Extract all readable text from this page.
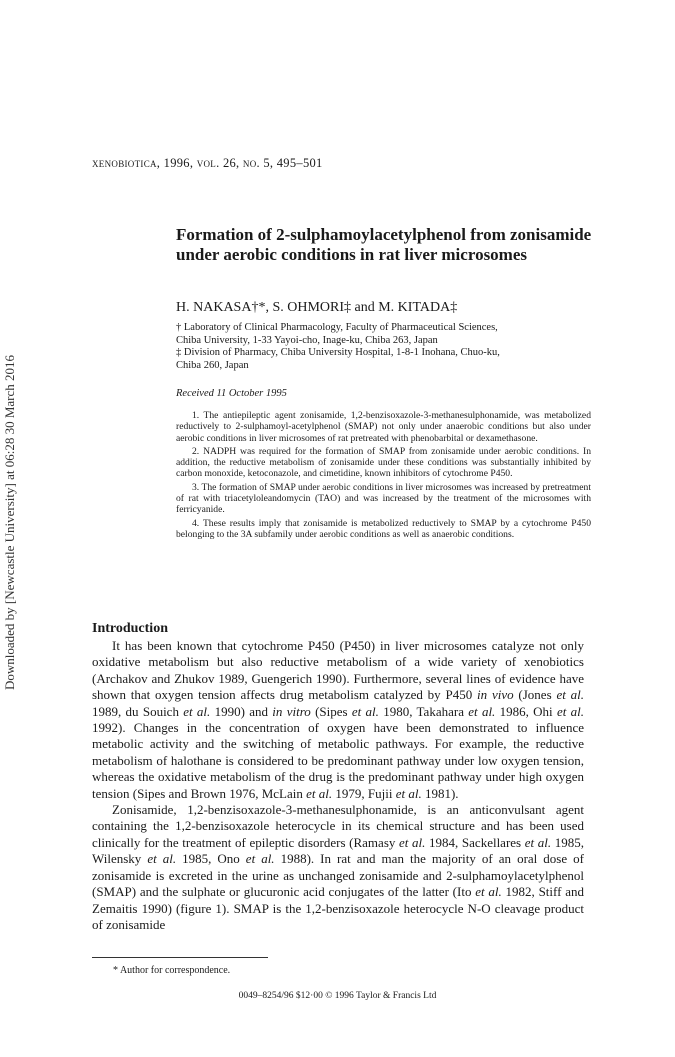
Downloaded by [Newcastle University] at 06:28 30 March 2016
xenobiotica, 1996, vol. 26, no. 5, 495–501
Formation of 2-sulphamoylacetylphenol from zonisamide under aerobic conditions in rat liver microsomes
H. NAKASA†*, S. OHMORI‡ and M. KITADA‡
† Laboratory of Clinical Pharmacology, Faculty of Pharmaceutical Sciences,
Chiba University, 1-33 Yayoi-cho, Inage-ku, Chiba 263, Japan
‡ Division of Pharmacy, Chiba University Hospital, 1-8-1 Inohana, Chuo-ku,
Chiba 260, Japan
Received 11 October 1995

1. The antiepileptic agent zonisamide, 1,2-benzisoxazole-3-methanesulphonamide, was metabolized reductively to 2-sulphamoyl-acetylphenol (SMAP) not only under anaerobic conditions but also under aerobic conditions in liver microsomes of rat pretreated with phenobarbital or dexamethasone.

2. NADPH was required for the formation of SMAP from zonisamide under aerobic conditions. In addition, the reductive metabolism of zonisamide under these conditions was substantially inhibited by carbon monoxide, ketoconazole, and cimetidine, known inhibitors of cytochrome P450.

3. The formation of SMAP under aerobic conditions in liver microsomes was increased by pretreatment of rat with triacetyloleandomycin (TAO) and was increased by the treatment of the microsomes with ferricyanide.

4. These results imply that zonisamide is metabolized reductively to SMAP by a cytochrome P450 belonging to the 3A subfamily under aerobic conditions as well as anaerobic conditions.

Introduction

It has been known that cytochrome P450 (P450) in liver microsomes catalyze not only oxidative metabolism but also reductive metabolism of a wide variety of xenobiotics (Archakov and Zhukov 1989, Guengerich 1990). Furthermore, several lines of evidence have shown that oxygen tension affects drug metabolism catalyzed by P450 in vivo (Jones et al. 1989, du Souich et al. 1990) and in vitro (Sipes et al. 1980, Takahara et al. 1986, Ohi et al. 1992). Changes in the concentration of oxygen have been demonstrated to influence metabolic activity and the switching of metabolic pathways. For example, the reductive metabolism of halothane is considered to be predominant pathway under low oxygen tension, whereas the oxidative metabolism of the drug is the predominant pathway under high oxygen tension (Sipes and Brown 1976, McLain et al. 1979, Fujii et al. 1981).

Zonisamide, 1,2-benzisoxazole-3-methanesulphonamide, is an anticonvulsant agent containing the 1,2-benzisoxazole heterocycle in its chemical structure and has been used clinically for the treatment of epileptic disorders (Ramasy et al. 1984, Sackellares et al. 1985, Wilensky et al. 1985, Ono et al. 1988). In rat and man the majority of an oral dose of zonisamide is excreted in the urine as unchanged zonisamide and 2-sulphamoylacetylphenol (SMAP) and the sulphate or glucuronic acid conjugates of the latter (Ito et al. 1982, Stiff and Zemaitis 1990) (figure 1). SMAP is the 1,2-benzisoxazole heterocycle N-O cleavage product of zonisamide

* Author for correspondence.
0049–8254/96 $12·00 © 1996 Taylor & Francis Ltd
